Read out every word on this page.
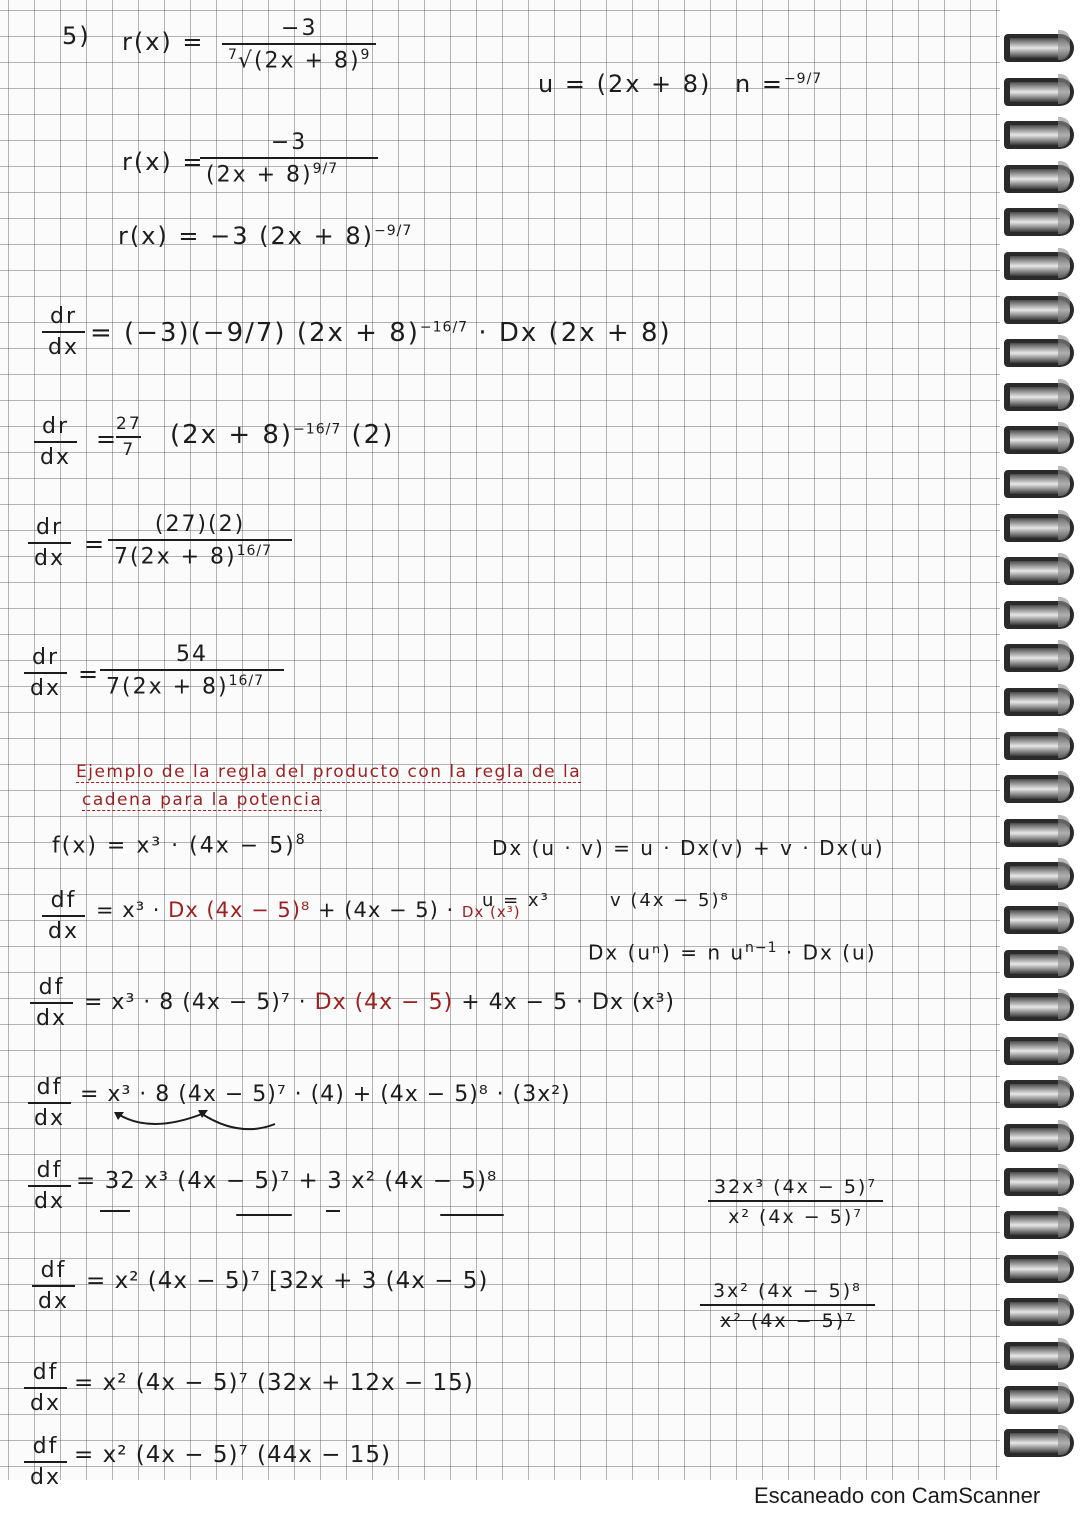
5) $r(x) = \frac{-3}{^7√(2x + 8)^9}$
u = (2x + 8) n =$^{-9/7}$
r(x) =
$\frac{-3}{(2x + 8)^{9/7}}$
r(x) = −3 $(2x + 8)^{-9/7}$
$\frac{dr}{dx} = (-3)(-9/7) (2x + 8)^{-16/7} \cdot Dx$ (2x + 8)
$\frac{dr}{dx}$ =
$\frac{27}{7} (2x + 8)^{-16/7}$ (2)
$\frac{dr}{dx} = \frac{(27)(2)}{7(2x + 8)^{16/7}}$
$\frac{dr}{dx} = \frac{54}{7(2x + 8)^{16/7}}$
Ejemplo de la regla del producto con la regla de la
cadena para la potencia
$f(x) = x^3 \cdot (4x - 5)^8$	Dx (u · v) = u · Dx(v) + v · Dx(u)
$\frac{df}{dx} = x^3 \cdot Dx$ (4x − 5)⁸ + (4x − 5) · Dx (x³)
u = x³	v (4x − 5)⁸
Dx (uⁿ) = n $u^{n-1} \cdot Dx$ (u)
$\frac{df}{dx} = x^3 \cdot 8$ (4x − 5)⁷ · Dx (4x − 5) + 4x − 5 · Dx (x³)
$\frac{df}{dx} = x^3 \cdot 8$ (4x − 5)⁷ · (4) + (4x − 5)⁸ · (3x²)
$\frac{df}{dx} = 32$ x³ (4x − 5)⁷ + 3 x² (4x − 5)⁸
$\frac{df}{dx} = x^2$ (4x − 5)⁷ [32x + 3 (4x − 5)
$\frac{\text{32x³ (4x − 5)⁷}}{\text{x² (4x − 5)⁷}}$
$\frac{\text{3x² (4x − 5)⁸}}{\text{x² (4x − 5)⁷}}$
$\frac{df}{dx} = x^2$ (4x − 5)⁷ (32x + 12x − 15)
$\frac{df}{dx} = x^2$ (4x − 5)⁷ (44x − 15)
Escaneado con CamScanner
